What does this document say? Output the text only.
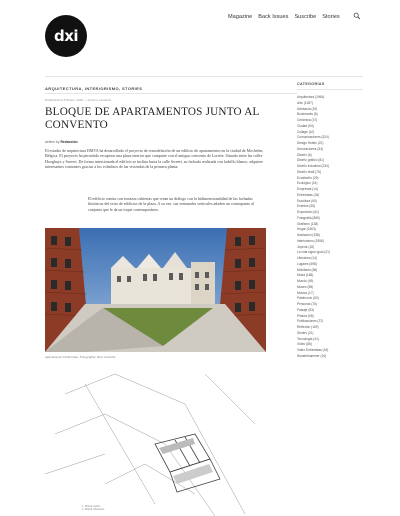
dxi
Magazine Back Issues Suscribe Stories
ARQUITECTURA, INTERIORISMO, STORIES
Published on 8 Enero, 2018 — Leave a comment
BLOQUE DE APARTAMENTOS JUNTO AL CONVENTO
written by Redacción

El estudio de arquitectura DMVA ha desarrollado el proyecto de remodelación de un edificio de apartamentos en la ciudad de Mechelen, Bélgica. El proyecto ha permitido recuperar una plaza interior que comparte con el antiguo convento de Lorette. Situado entre las calles Hoogbuys y Sweert. De forma intercionada el edificio se inclina hacia la calle Sweert, su fachada realizada con ladrillo blanco, adquiere interesantes contrastes gracias a los voladizos de las viviendas de la primera planta.

El edificio cuenta con terrazas cubiertas que crean un diálogo con la bidimensionalidad de las fachadas históricas del resto de edificios de la plaza. A su vez, sus ventanales verticales añaden un contrapunto al conjunto que le da un toque contemporáneo.

Apartamento Ondermaar. Fotografías: Bart Gosselin
1. Planta Jardín
2. Planta Ubicación
CATEGORÍAS
Arquitectura (1964)
Arte (1287)
Artesanía (20)
Bookmarks (6)
Cerámica (37)
Ciudad (54)
Collage (10)
Comunicaciones (324)
Design Hotels (22)
Decoraciones (34)
Diseño (6)
Diseño gráfico (81)
Diseño industrial (234)
Diseño textil (76)
Ecodiseño (29)
Ecológico (24)
Empresas (14)
Entrevistas (34)
Escultura (60)
Eventos (55)
Exposición (61)
Fotografía (869)
Grafismo (138)
Hogar (2463)
Ilustración (338)
Interiorismo (1598)
Joyería (18)
La vida sigue igual (21)
Literatura (14)
Lugares (698)
Mobiliario (86)
Moda (186)
Mundo (49)
Museo (58)
Música (17)
Patrimonio (50)
Personas (76)
Paisaje (53)
Pintura (98)
Publicaciones (37)
Reflexión (169)
Stories (21)
Tecnología (41)
Vídeo (86)
Video Entrevistas (18)
Wunderkammer (16)
